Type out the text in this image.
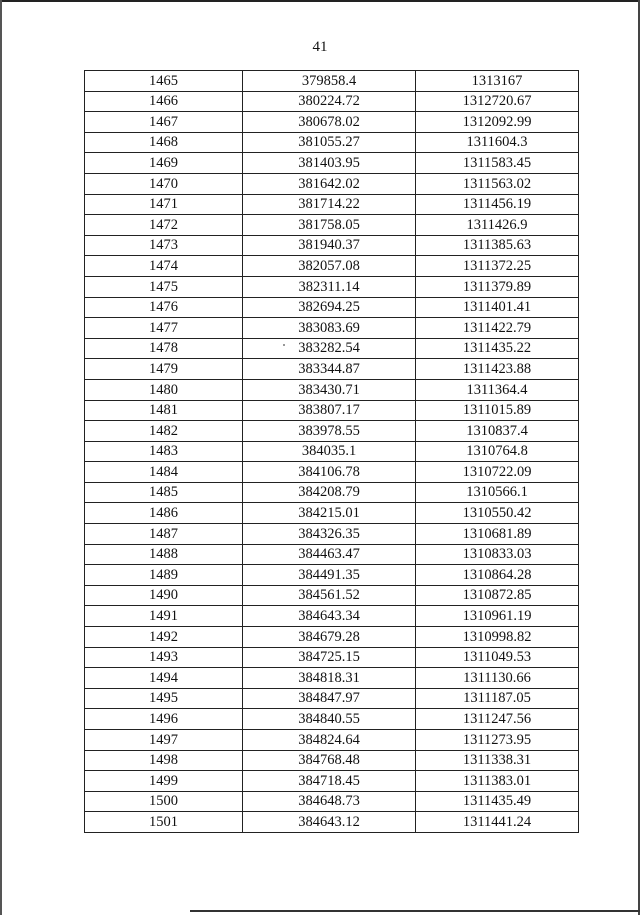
41
1465	379858.4	1313167
1466	380224.72	1312720.67
1467	380678.02	1312092.99
1468	381055.27	1311604.3
1469	381403.95	1311583.45
1470	381642.02	1311563.02
1471	381714.22	1311456.19
1472	381758.05	1311426.9
1473	381940.37	1311385.63
1474	382057.08	1311372.25
1475	382311.14	1311379.89
1476	382694.25	1311401.41
1477	383083.69	1311422.79
1478	383282.54	1311435.22
1479	383344.87	1311423.88
1480	383430.71	1311364.4
1481	383807.17	1311015.89
1482	383978.55	1310837.4
1483	384035.1	1310764.8
1484	384106.78	1310722.09
1485	384208.79	1310566.1
1486	384215.01	1310550.42
1487	384326.35	1310681.89
1488	384463.47	1310833.03
1489	384491.35	1310864.28
1490	384561.52	1310872.85
1491	384643.34	1310961.19
1492	384679.28	1310998.82
1493	384725.15	1311049.53
1494	384818.31	1311130.66
1495	384847.97	1311187.05
1496	384840.55	1311247.56
1497	384824.64	1311273.95
1498	384768.48	1311338.31
1499	384718.45	1311383.01
1500	384648.73	1311435.49
1501	384643.12	1311441.24
